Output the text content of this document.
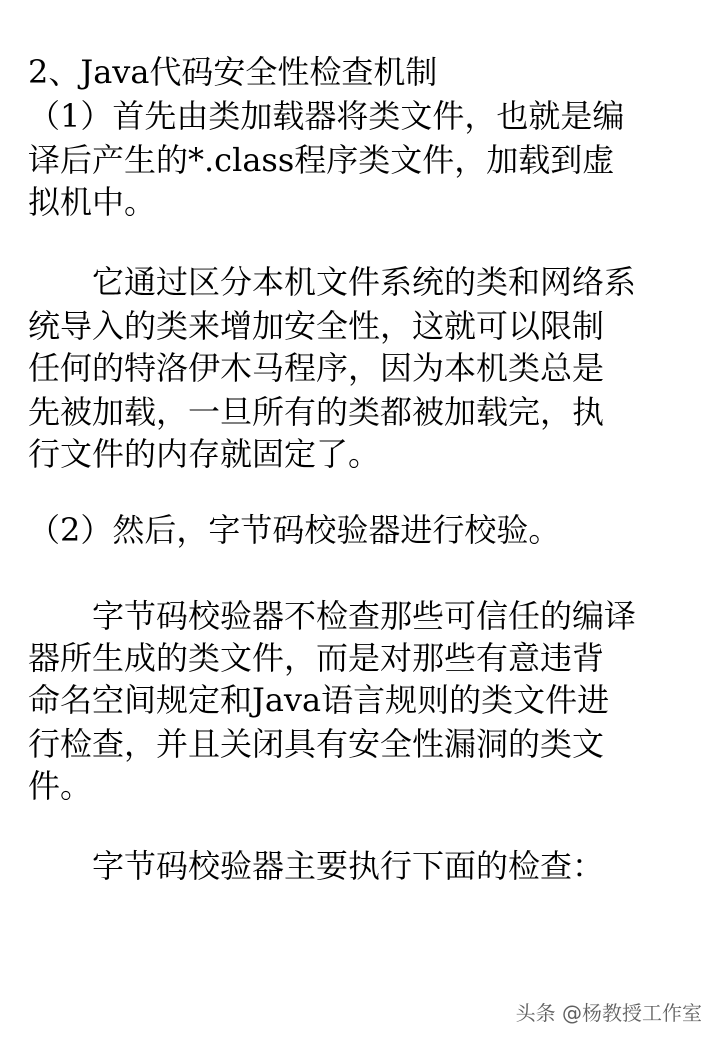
2、Java代码安全性检查机制
（1）首先由类加载器将类文件，也就是编
译后产生的*.class程序类文件，加载到虚
拟机中。
　　它通过区分本机文件系统的类和网络系
统导入的类来增加安全性，这就可以限制
任何的特洛伊木马程序，因为本机类总是
先被加载，一旦所有的类都被加载完，执
行文件的内存就固定了。
（2）然后，字节码校验器进行校验。
　　字节码校验器不检查那些可信任的编译
器所生成的类文件，而是对那些有意违背
命名空间规定和Java语言规则的类文件进
行检查，并且关闭具有安全性漏洞的类文
件。
　　字节码校验器主要执行下面的检查：
头条 @杨教授工作室
